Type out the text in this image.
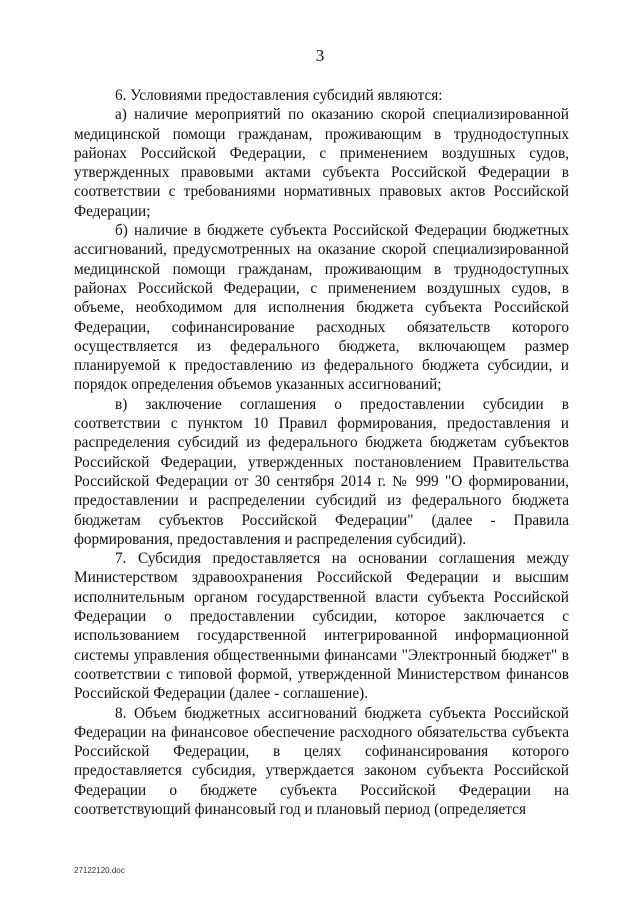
3

6. Условиями предоставления субсидий являются:

а) наличие мероприятий по оказанию скорой специализированной медицинской помощи гражданам, проживающим в труднодоступных районах Российской Федерации, с применением воздушных судов, утвержденных правовыми актами субъекта Российской Федерации в соответствии с требованиями нормативных правовых актов Российской Федерации;

б) наличие в бюджете субъекта Российской Федерации бюджетных ассигнований, предусмотренных на оказание скорой специализированной медицинской помощи гражданам, проживающим в труднодоступных районах Российской Федерации, с применением воздушных судов, в объеме, необходимом для исполнения бюджета субъекта Российской Федерации, софинансирование расходных обязательств которого осуществляется из федерального бюджета, включающем размер планируемой к предоставлению из федерального бюджета субсидии, и порядок определения объемов указанных ассигнований;

в) заключение соглашения о предоставлении субсидии в соответствии с пунктом 10 Правил формирования, предоставления и распределения субсидий из федерального бюджета бюджетам субъектов Российской Федерации, утвержденных постановлением Правительства Российской Федерации от 30 сентября 2014 г. № 999 "О формировании, предоставлении и распределении субсидий из федерального бюджета бюджетам субъектов Российской Федерации" (далее - Правила формирования, предоставления и распределения субсидий).

7. Субсидия предоставляется на основании соглашения между Министерством здравоохранения Российской Федерации и высшим исполнительным органом государственной власти субъекта Российской Федерации о предоставлении субсидии, которое заключается с использованием государственной интегрированной информационной системы управления общественными финансами "Электронный бюджет" в соответствии с типовой формой, утвержденной Министерством финансов Российской Федерации (далее - соглашение).

8. Объем бюджетных ассигнований бюджета субъекта Российской Федерации на финансовое обеспечение расходного обязательства субъекта Российской Федерации, в целях софинансирования которого предоставляется субсидия, утверждается законом субъекта Российской Федерации о бюджете субъекта Российской Федерации на соответствующий финансовый год и плановый период (определяется

27122120.doc
